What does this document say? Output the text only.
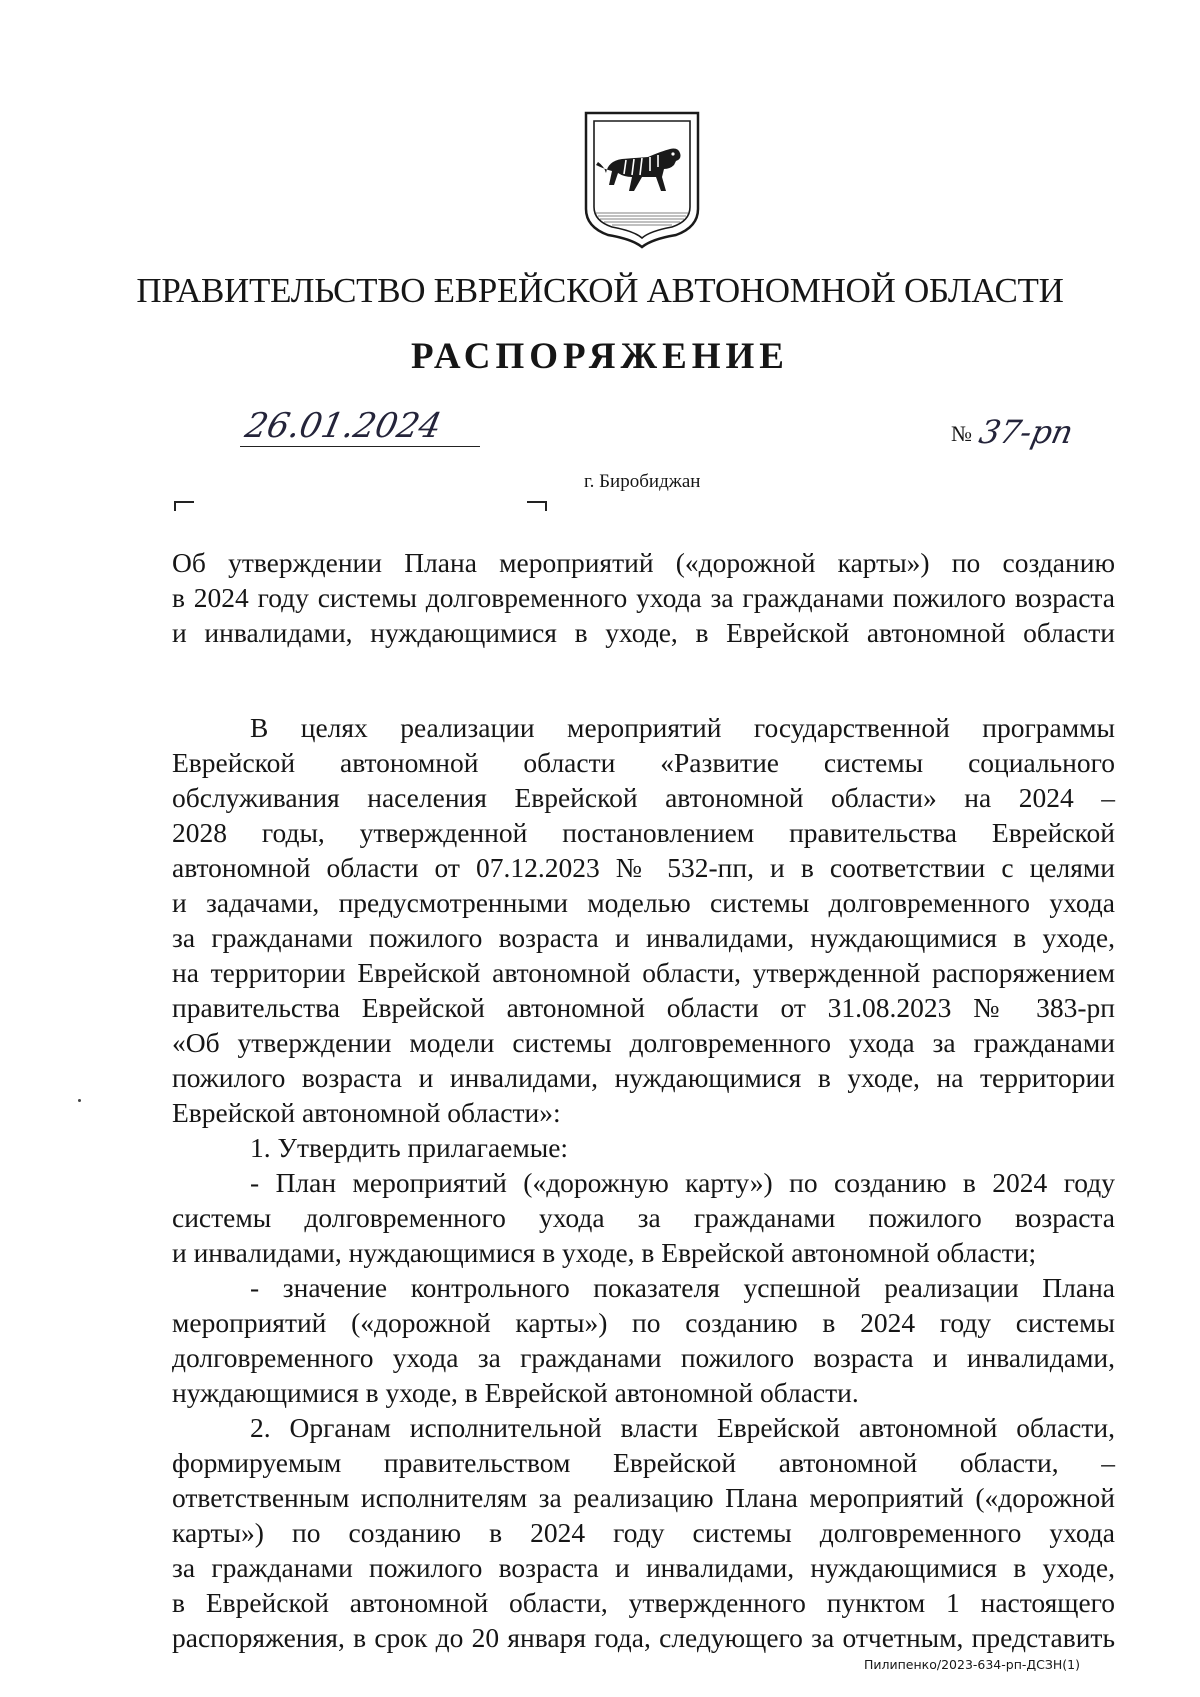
ПРАВИТЕЛЬСТВО ЕВРЕЙСКОЙ АВТОНОМНОЙ ОБЛАСТИ
РАСПОРЯЖЕНИЕ
26.01.2024	№ 37-рп
г. Биробиджан
Об утверждении Плана мероприятий («дорожной карты») по созданию
в 2024 году системы долговременного ухода за гражданами пожилого возраста
и инвалидами, нуждающимися в уходе, в Еврейской автономной области
В целях реализации мероприятий государственной программы
Еврейской автономной области «Развитие системы социального
обслуживания населения Еврейской автономной области» на 2024 –
2028 годы, утвержденной постановлением правительства Еврейской
автономной области от 07.12.2023 № 532-пп, и в соответствии с целями
и задачами, предусмотренными моделью системы долговременного ухода
за гражданами пожилого возраста и инвалидами, нуждающимися в уходе,
на территории Еврейской автономной области, утвержденной распоряжением
правительства Еврейской автономной области от 31.08.2023 № 383-рп
«Об утверждении модели системы долговременного ухода за гражданами
пожилого возраста и инвалидами, нуждающимися в уходе, на территории
Еврейской автономной области»:
1. Утвердить прилагаемые:
- План мероприятий («дорожную карту») по созданию в 2024 году
системы долговременного ухода за гражданами пожилого возраста
и инвалидами, нуждающимися в уходе, в Еврейской автономной области;
- значение контрольного показателя успешной реализации Плана
мероприятий («дорожной карты») по созданию в 2024 году системы
долговременного ухода за гражданами пожилого возраста и инвалидами,
нуждающимися в уходе, в Еврейской автономной области.
2. Органам исполнительной власти Еврейской автономной области,
формируемым правительством Еврейской автономной области, –
ответственным исполнителям за реализацию Плана мероприятий («дорожной
карты») по созданию в 2024 году системы долговременного ухода
за гражданами пожилого возраста и инвалидами, нуждающимися в уходе,
в Еврейской автономной области, утвержденного пунктом 1 настоящего
распоряжения, в срок до 20 января года, следующего за отчетным, представить
Пилипенко/2023-634-рп-ДСЗН(1)
